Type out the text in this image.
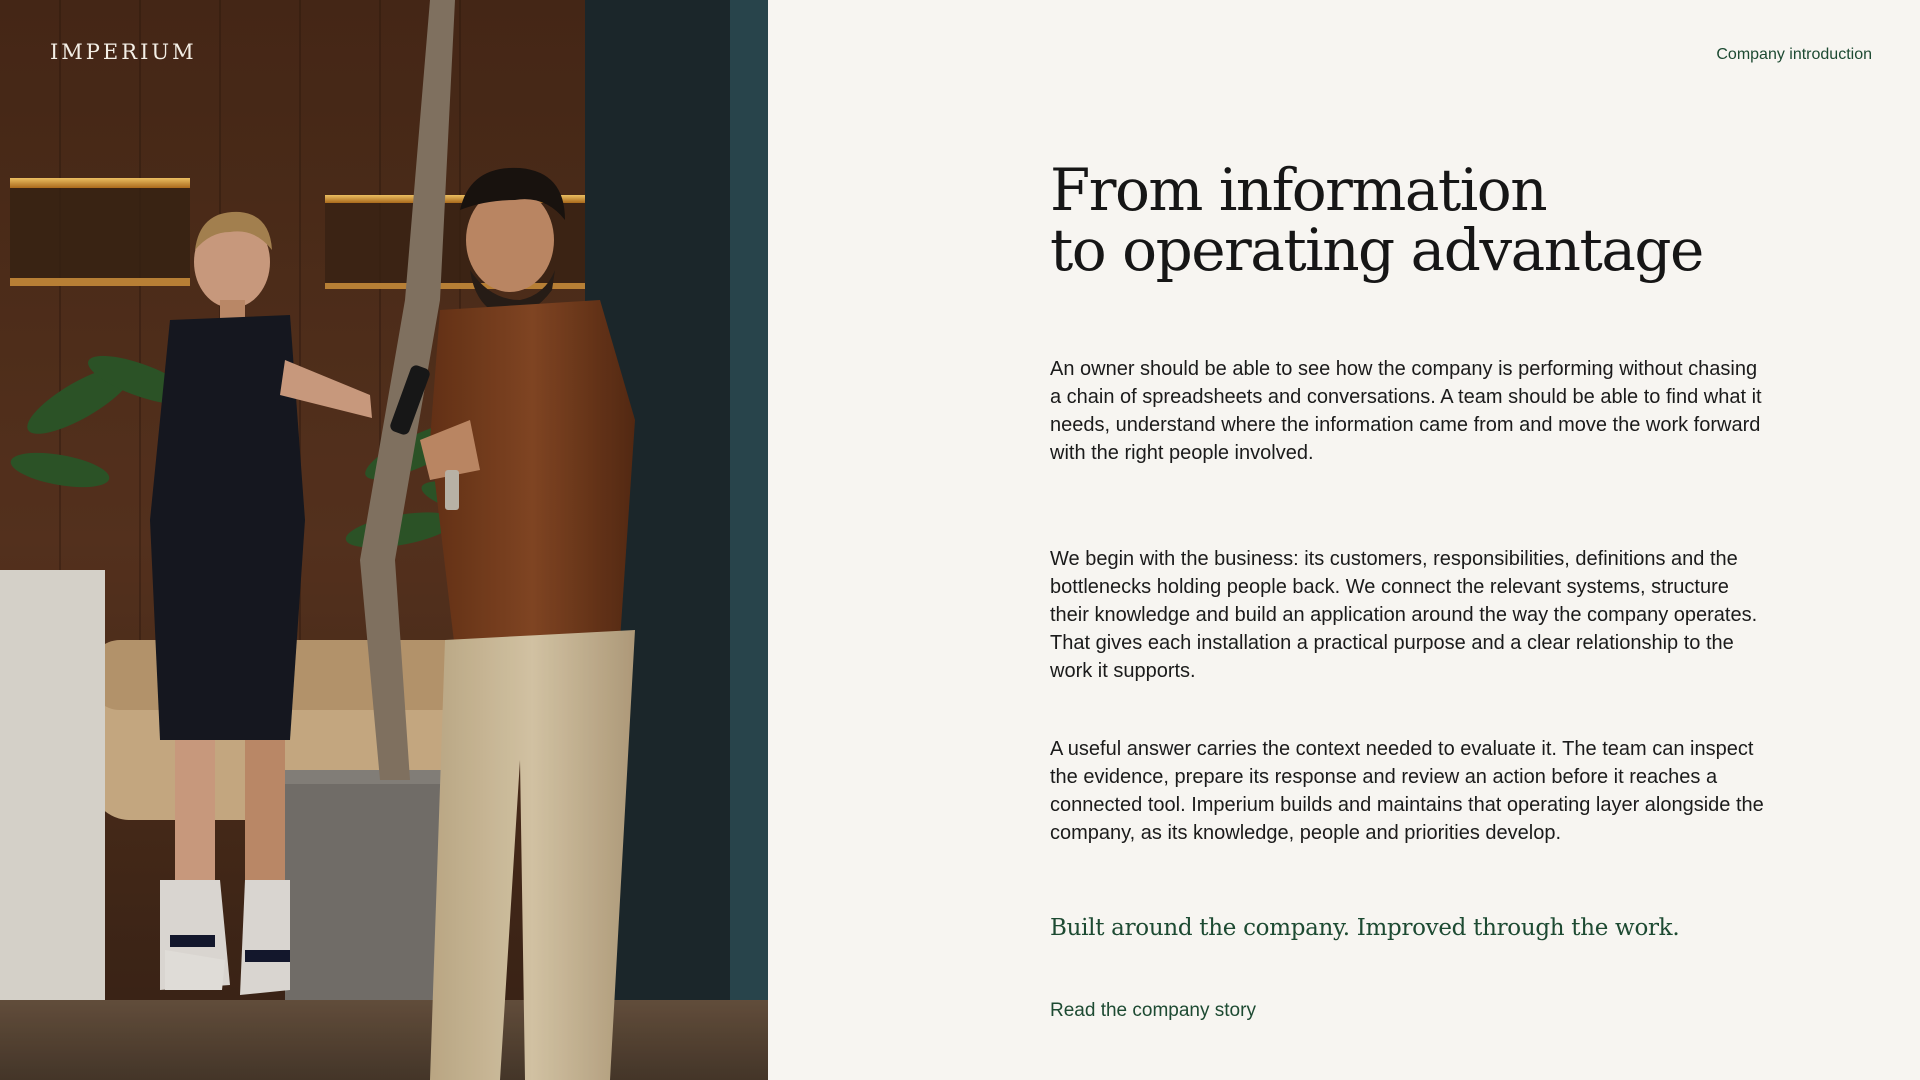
IMPERIUM	Company introduction
From information
to operating advantage

An owner should be able to see how the company is performing without chasing a chain of spreadsheets and conversations. A team should be able to find what it needs, understand where the information came from and move the work forward with the right people involved.

We begin with the business: its customers, responsibilities, definitions and the bottlenecks holding people back. We connect the relevant systems, structure their knowledge and build an application around the way the company operates. That gives each installation a practical purpose and a clear relationship to the work it supports.

A useful answer carries the context needed to evaluate it. The team can inspect the evidence, prepare its response and review an action before it reaches a connected tool. Imperium builds and maintains that operating layer alongside the company, as its knowledge, people and priorities develop.

Built around the company. Improved through the work.

Read the company story
